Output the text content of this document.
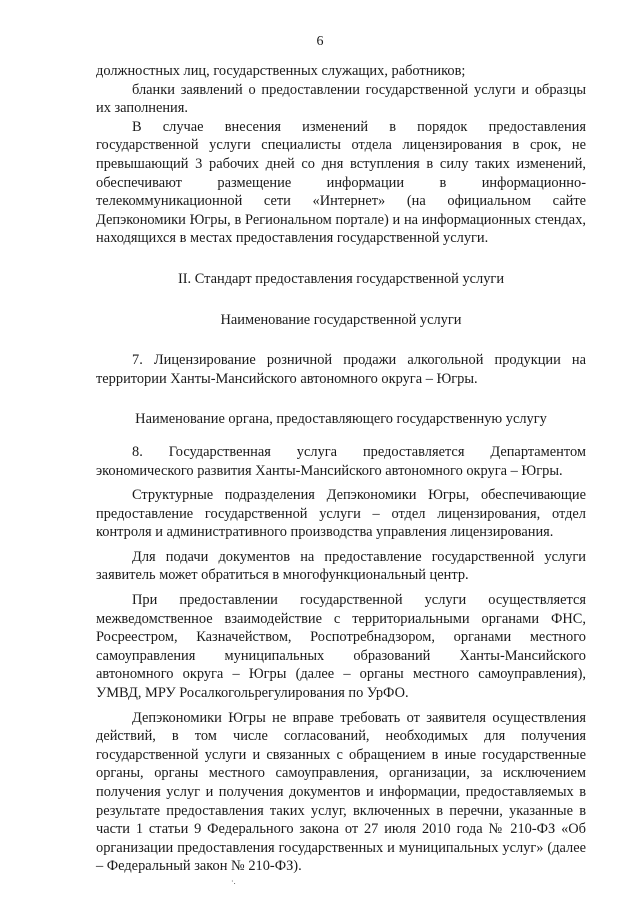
6

должностных лиц, государственных служащих, работников;

бланки заявлений о предоставлении государственной услуги и образцы их заполнения.

В случае внесения изменений в порядок предоставления государственной услуги специалисты отдела лицензирования в срок, не превышающий 3 рабочих дней со дня вступления в силу таких изменений, обеспечивают размещение информации в информационно-телекоммуникационной сети «Интернет» (на официальном сайте Депэкономики Югры, в Региональном портале) и на информационных стендах, находящихся в местах предоставления государственной услуги.

II. Стандарт предоставления государственной услуги

Наименование государственной услуги

7. Лицензирование розничной продажи алкогольной продукции на территории Ханты-Мансийского автономного округа – Югры.

Наименование органа, предоставляющего государственную услугу

8. Государственная услуга предоставляется Департаментом экономического развития Ханты-Мансийского автономного округа – Югры.

Структурные подразделения Депэкономики Югры, обеспечивающие предоставление государственной услуги – отдел лицензирования, отдел контроля и административного производства управления лицензирования.

Для подачи документов на предоставление государственной услуги заявитель может обратиться в многофункциональный центр.

При предоставлении государственной услуги осуществляется межведомственное взаимодействие с территориальными органами ФНС, Росреестром, Казначейством, Роспотребнадзором, органами местного самоуправления муниципальных образований Ханты-Мансийского автономного округа – Югры (далее – органы местного самоуправления), УМВД, МРУ Росалкогольрегулирования по УрФО.

Депэкономики Югры не вправе требовать от заявителя осуществления действий, в том числе согласований, необходимых для получения государственной услуги и связанных с обращением в иные государственные органы, органы местного самоуправления, организации, за исключением получения услуг и получения документов и информации, предоставляемых в результате предоставления таких услуг, включенных в перечни, указанные в части 1 статьи 9 Федерального закона от 27 июля 2010 года № 210-ФЗ «Об организации предоставления государственных и муниципальных услуг» (далее – Федеральный закон № 210-ФЗ).

·.
